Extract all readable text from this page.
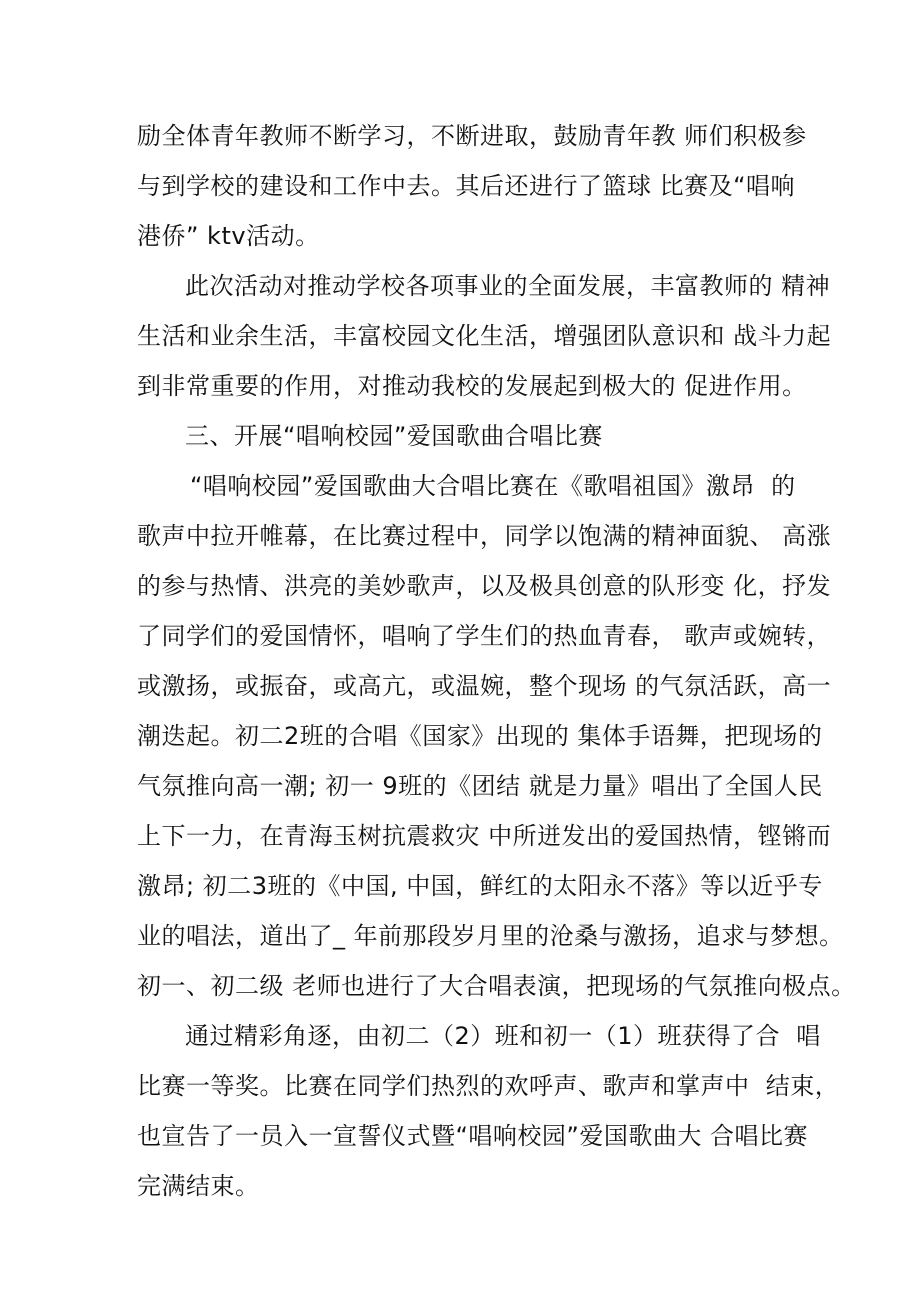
励全体青年教师不断学习，不断进取，鼓励青年教 师们积极参
与到学校的建设和工作中去。其后还进行了篮球 比赛及“唱响
港侨” ktv活动。
此次活动对推动学校各项事业的全面发展，丰富教师的 精神
生活和业余生活，丰富校园文化生活，增强团队意识和 战斗力起
到非常重要的作用，对推动我校的发展起到极大的 促进作用。
三、开展“唱响校园”爱国歌曲合唱比赛
“唱响校园”爱国歌曲大合唱比赛在《歌唱祖国》激昂  的
歌声中拉开帷幕，在比赛过程中，同学以饱满的精神面貌、 高涨
的参与热情、洪亮的美妙歌声，以及极具创意的队形变 化，抒发
了同学们的爱国情怀，唱响了学生们的热血青春， 歌声或婉转，
或激扬，或振奋，或高亢，或温婉，整个现场 的气氛活跃，高一
潮迭起。初二2班的合唱《国家》出现的 集体手语舞，把现场的
气氛推向高一潮; 初一 9班的《团结 就是力量》唱出了全国人民
上下一力，在青海玉树抗震救灾 中所迸发出的爱国热情，铿锵而
激昂; 初二3班的《中国, 中国，鲜红的太阳永不落》等以近乎专
业的唱法，道出了_ 年前那段岁月里的沧桑与激扬，追求与梦想。
初一、初二级 老师也进行了大合唱表演，把现场的气氛推向极点。
通过精彩角逐，由初二（2）班和初一（1）班获得了合  唱
比赛一等奖。比赛在同学们热烈的欢呼声、歌声和掌声中  结束，
也宣告了一员入一宣誓仪式暨“唱响校园”爱国歌曲大 合唱比赛
完满结束。
